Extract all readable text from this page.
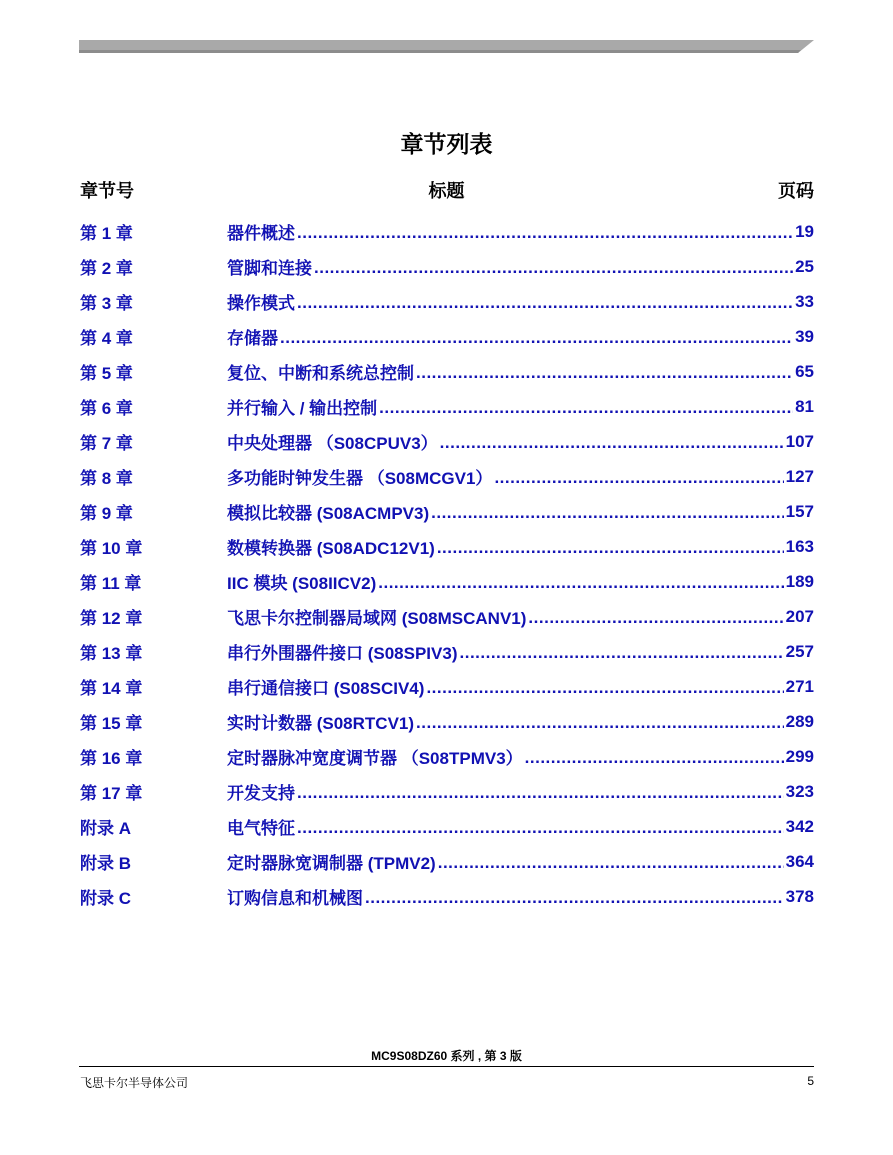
章节列表
章节号	标题	页码
第 1 章	器件概述 .....	19
第 2 章	管脚和连接 .....	25
第 3 章	操作模式 .....	33
第 4 章	存储器 .....	39
第 5 章	复位、中断和系统总控制 .....	65
第 6 章	并行输入 / 输出控制 .....	81
第 7 章	中央处理器 （S08CPUV3） .....	107
第 8 章	多功能时钟发生器 （S08MCGV1） .....	127
第 9 章	模拟比较器 (S08ACMPV3) .....	157
第 10 章	数模转换器 (S08ADC12V1) .....	163
第 11 章	IIC 模块 (S08IICV2) .....	189
第 12 章	飞思卡尔控制器局域网 (S08MSCANV1) .....	207
第 13 章	串行外围器件接口 (S08SPIV3) .....	257
第 14 章	串行通信接口 (S08SCIV4) .....	271
第 15 章	实时计数器 (S08RTCV1) .....	289
第 16 章	定时器脉冲宽度调节器 （S08TPMV3） .....	299
第 17 章	开发支持 .....	323
附录 A	电气特征 .....	342
附录 B	定时器脉宽调制器 (TPMV2) .....	364
附录 C	订购信息和机械图 .....	378
MC9S08DZ60 系列 , 第 3 版
飞思卡尔半导体公司	5
